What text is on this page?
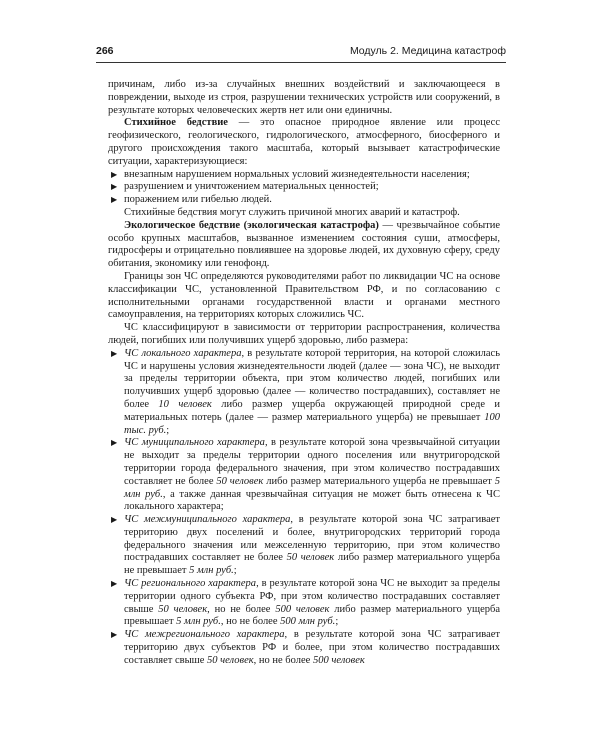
266	Модуль 2. Медицина катастроф

причинам, либо из-за случайных внешних воздействий и заключающееся в повреждении, выходе из строя, разрушении технических устройств или сооружений, в результате которых человеческих жертв нет или они единичны.

Стихийное бедствие — это опасное природное явление или процесс геофизического, геологического, гидрологического, атмосферного, биосферного и другого происхождения такого масштаба, который вызывает катастрофические ситуации, характеризующиеся:

▶ внезапным нарушением нормальных условий жизнедеятельности населения;
▶ разрушением и уничтожением материальных ценностей;
▶ поражением или гибелью людей.

Стихийные бедствия могут служить причиной многих аварий и катастроф.

Экологическое бедствие (экологическая катастрофа) — чрезвычайное событие особо крупных масштабов, вызванное изменением состояния суши, атмосферы, гидросферы и отрицательно повлиявшее на здоровье людей, их духовную сферу, среду обитания, экономику или генофонд.

Границы зон ЧС определяются руководителями работ по ликвидации ЧС на основе классификации ЧС, установленной Правительством РФ, и по согласованию с исполнительными органами государственной власти и органами местного самоуправления, на территориях которых сложились ЧС.

ЧС классифицируют в зависимости от территории распространения, количества людей, погибших или получивших ущерб здоровью, либо размера:

▶ ЧС локального характера, в результате которой территория, на которой сложилась ЧС и нарушены условия жизнедеятельности людей (далее — зона ЧС), не выходит за пределы территории объекта, при этом количество людей, погибших или получивших ущерб здоровью (далее — количество пострадавших), составляет не более 10 человек либо размер ущерба окружающей природной среде и материальных потерь (далее — размер материального ущерба) не превышает 100 тыс. руб.;
▶ ЧС муниципального характера, в результате которой зона чрезвычайной ситуации не выходит за пределы территории одного поселения или внутригородской территории города федерального значения, при этом количество пострадавших составляет не более 50 человек либо размер материального ущерба не превышает 5 млн руб., а также данная чрезвычайная ситуация не может быть отнесена к ЧС локального характера;
▶ ЧС межмуниципального характера, в результате которой зона ЧС затрагивает территорию двух поселений и более, внутригородских территорий города федерального значения или межселенную территорию, при этом количество пострадавших составляет не более 50 человек либо размер материального ущерба не превышает 5 млн руб.;
▶ ЧС регионального характера, в результате которой зона ЧС не выходит за пределы территории одного субъекта РФ, при этом количество пострадавших составляет свыше 50 человек, но не более 500 человек либо размер материального ущерба превышает 5 млн руб., но не более 500 млн руб.;
▶ ЧС межрегионального характера, в результате которой зона ЧС затрагивает территорию двух субъектов РФ и более, при этом количество пострадавших составляет свыше 50 человек, но не более 500 человек
